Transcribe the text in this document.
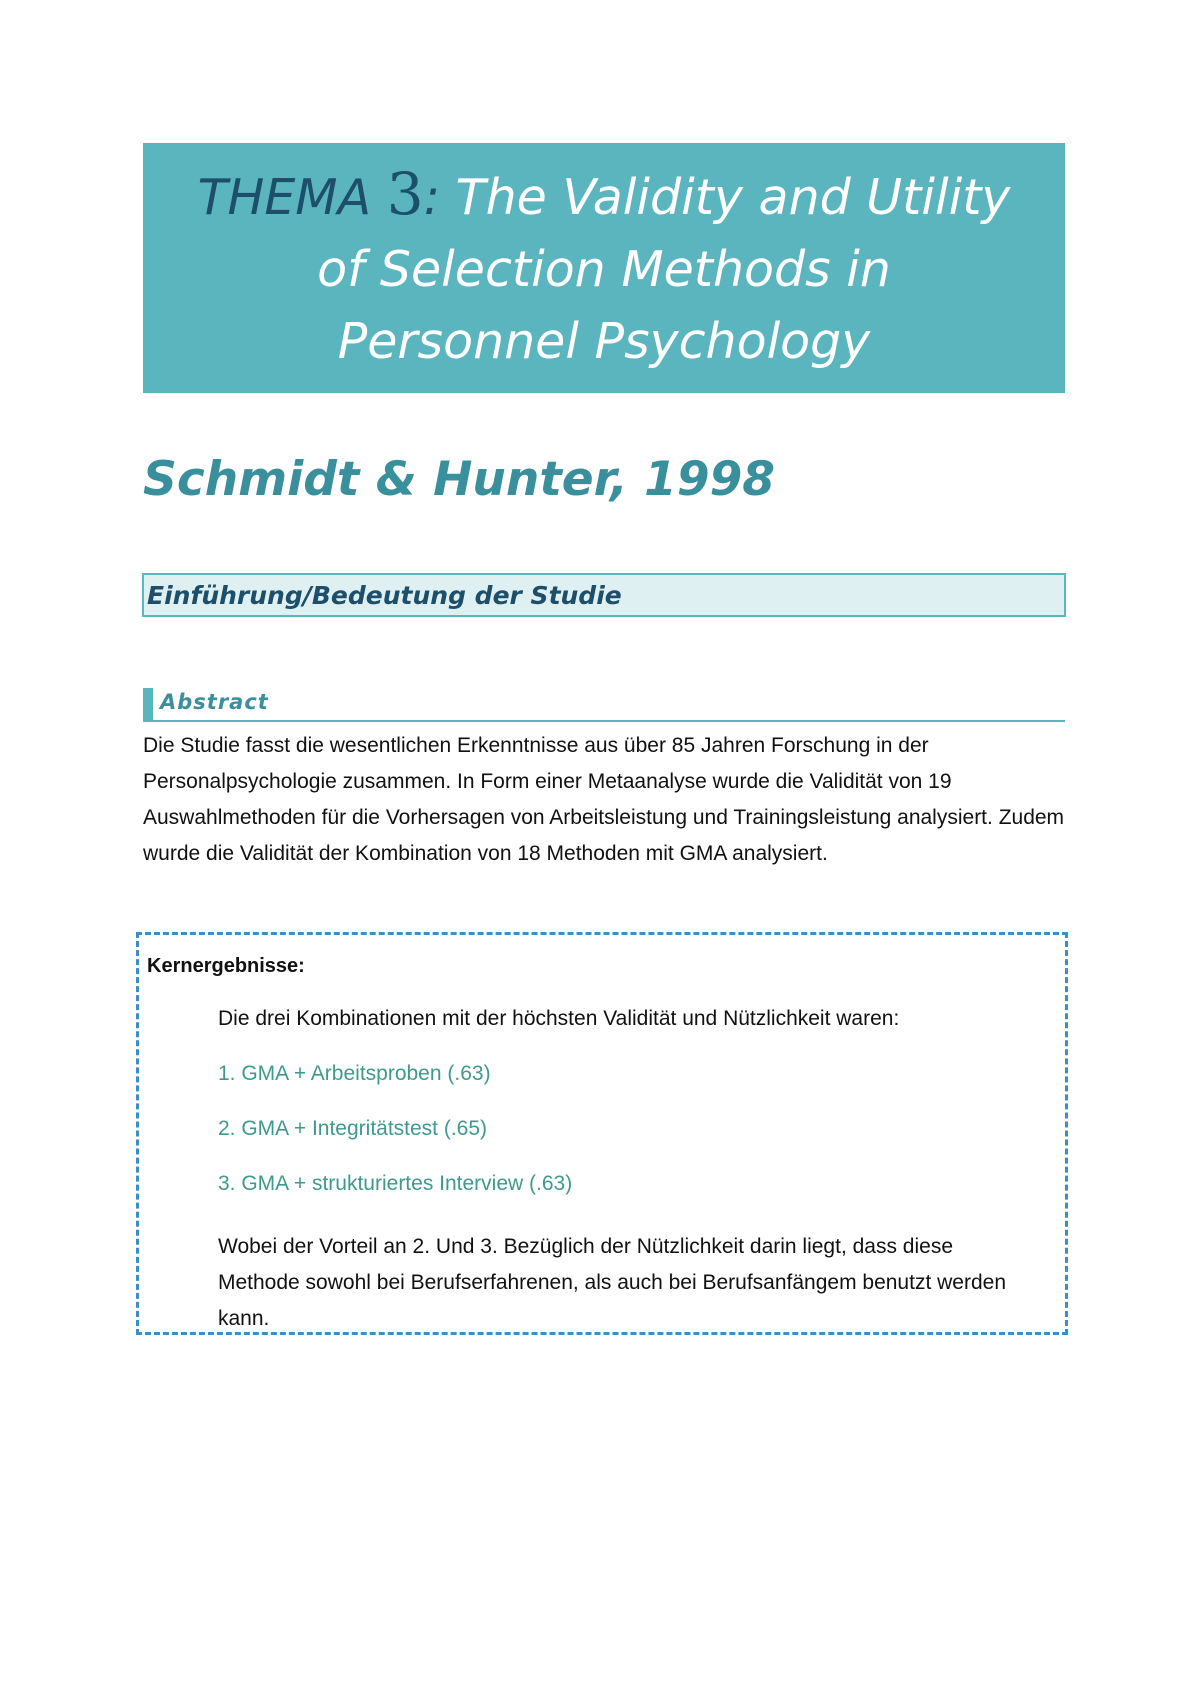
THEMA 3: The Validity and Utility
of Selection Methods in
Personnel Psychology

Schmidt & Hunter, 1998
Einführung/Bedeutung der Studie
Abstract

Die Studie fasst die wesentlichen Erkenntnisse aus über 85 Jahren Forschung in der Personalpsychologie zusammen. In Form einer Metaanalyse wurde die Validität von 19 Auswahlmethoden für die Vorhersagen von Arbeitsleistung und Trainingsleistung analysiert. Zudem wurde die Validität der Kombination von 18 Methoden mit GMA analysiert.

Kernergebnisse:
Die drei Kombinationen mit der höchsten Validität und Nützlichkeit waren:
1. GMA + Arbeitsproben (.63)
2. GMA + Integritätstest (.65)
3. GMA + strukturiertes Interview (.63)

Wobei der Vorteil an 2. Und 3. Bezüglich der Nützlichkeit darin liegt, dass diese Methode sowohl bei Berufserfahrenen, als auch bei Berufsanfängem benutzt werden kann.
